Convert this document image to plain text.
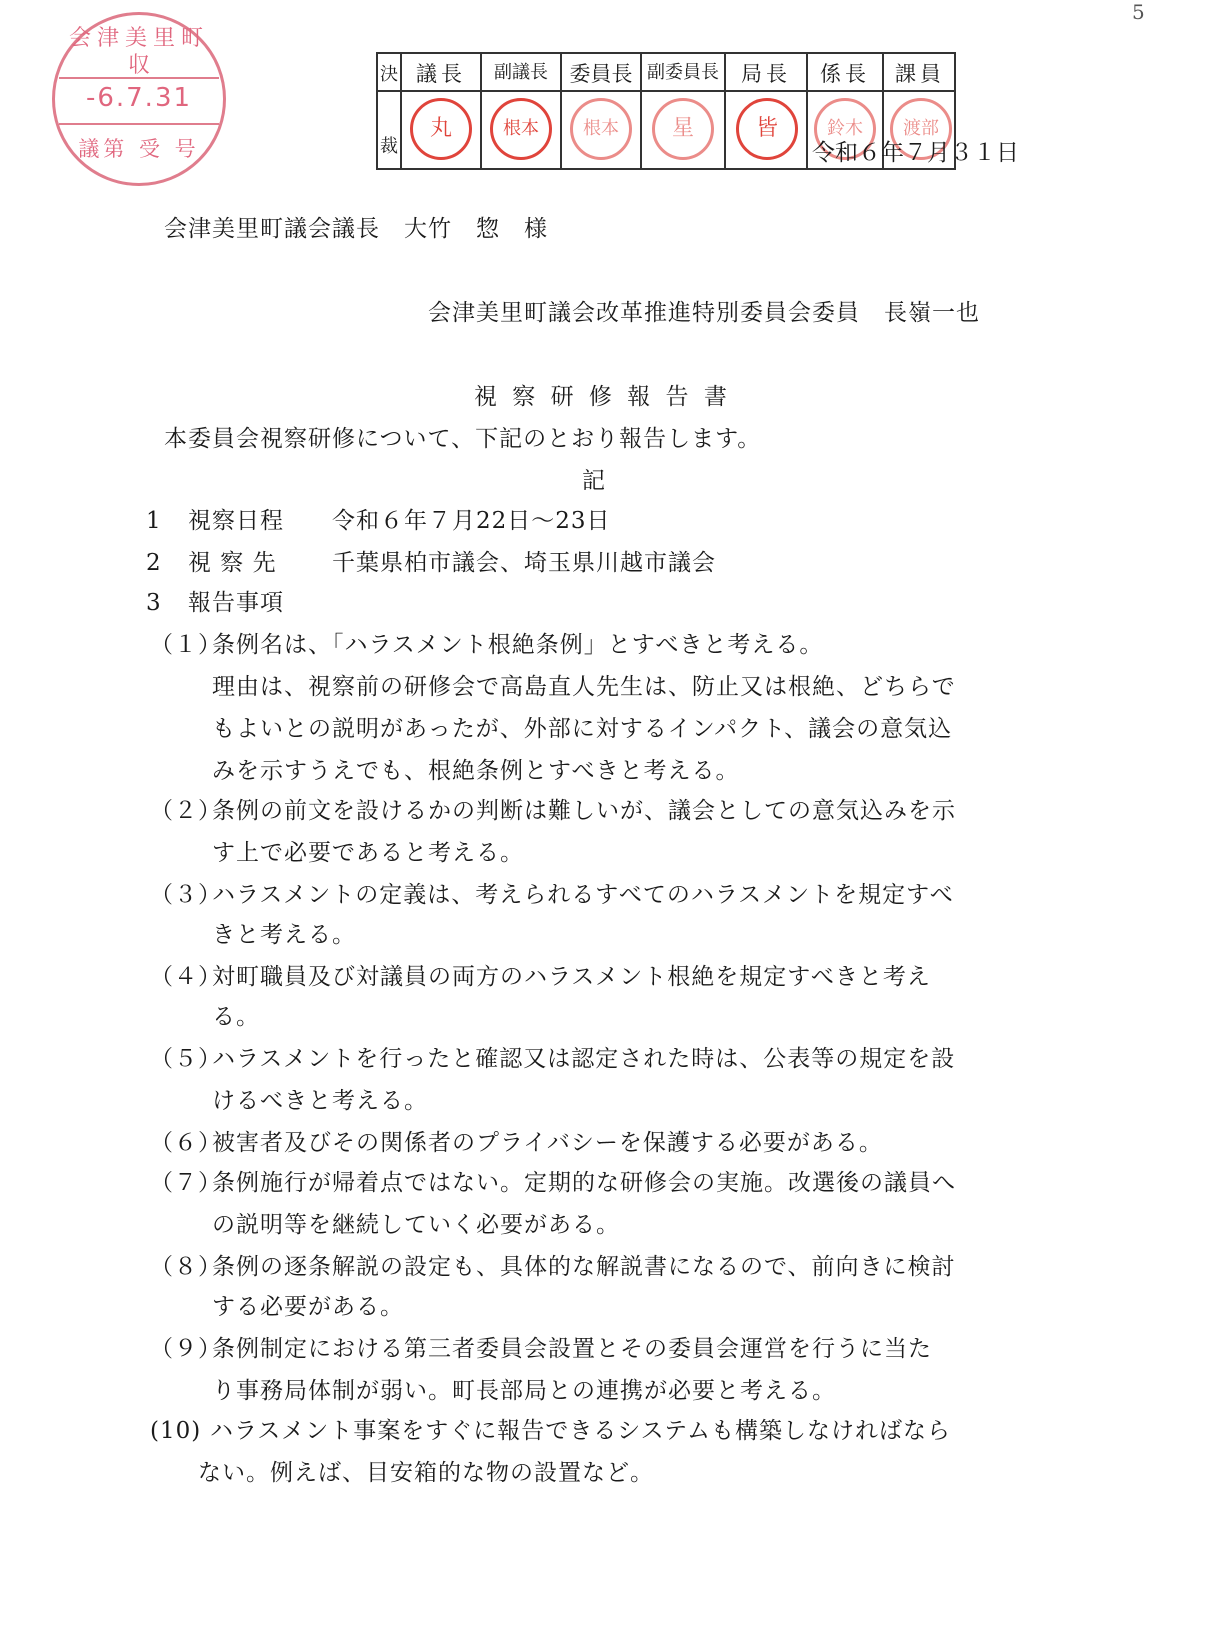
5
会津美里町
収
-6.7.31
議第 受 号
決
裁
議長
丸
副議長
根本
委員長
根本
副委員長
星
局長
皆
係長
鈴木
課員
渡部
令和６年７月３１日
会津美里町議会議長　大竹　惣　様
会津美里町議会改革推進特別委員会委員　長嶺一也
視 察 研 修 報 告 書
本委員会視察研修について、下記のとおり報告します。
記
1 視察日程 令和６年７月22日～23日
2 視 察 先 千葉県柏市議会、埼玉県川越市議会
3 報告事項
（１）
条例名は、「ハラスメント根絶条例」とすべきと考える。
理由は、視察前の研修会で高島直人先生は、防止又は根絶、どちらで
もよいとの説明があったが、外部に対するインパクト、議会の意気込
みを示すうえでも、根絶条例とすべきと考える。
（２）
条例の前文を設けるかの判断は難しいが、議会としての意気込みを示
す上で必要であると考える。
（３）
ハラスメントの定義は、考えられるすべてのハラスメントを規定すべ
きと考える。
（４）
対町職員及び対議員の両方のハラスメント根絶を規定すべきと考え
る。
（５）
ハラスメントを行ったと確認又は認定された時は、公表等の規定を設
けるべきと考える。
（６）
被害者及びその関係者のプライバシーを保護する必要がある。
（７）
条例施行が帰着点ではない。定期的な研修会の実施。改選後の議員へ
の説明等を継続していく必要がある。
（８）
条例の逐条解説の設定も、具体的な解説書になるので、前向きに検討
する必要がある。
（９）
条例制定における第三者委員会設置とその委員会運営を行うに当た
り事務局体制が弱い。町長部局との連携が必要と考える。
(10) ハラスメント事案をすぐに報告できるシステムも構築しなければなら
ない。例えば、目安箱的な物の設置など。
